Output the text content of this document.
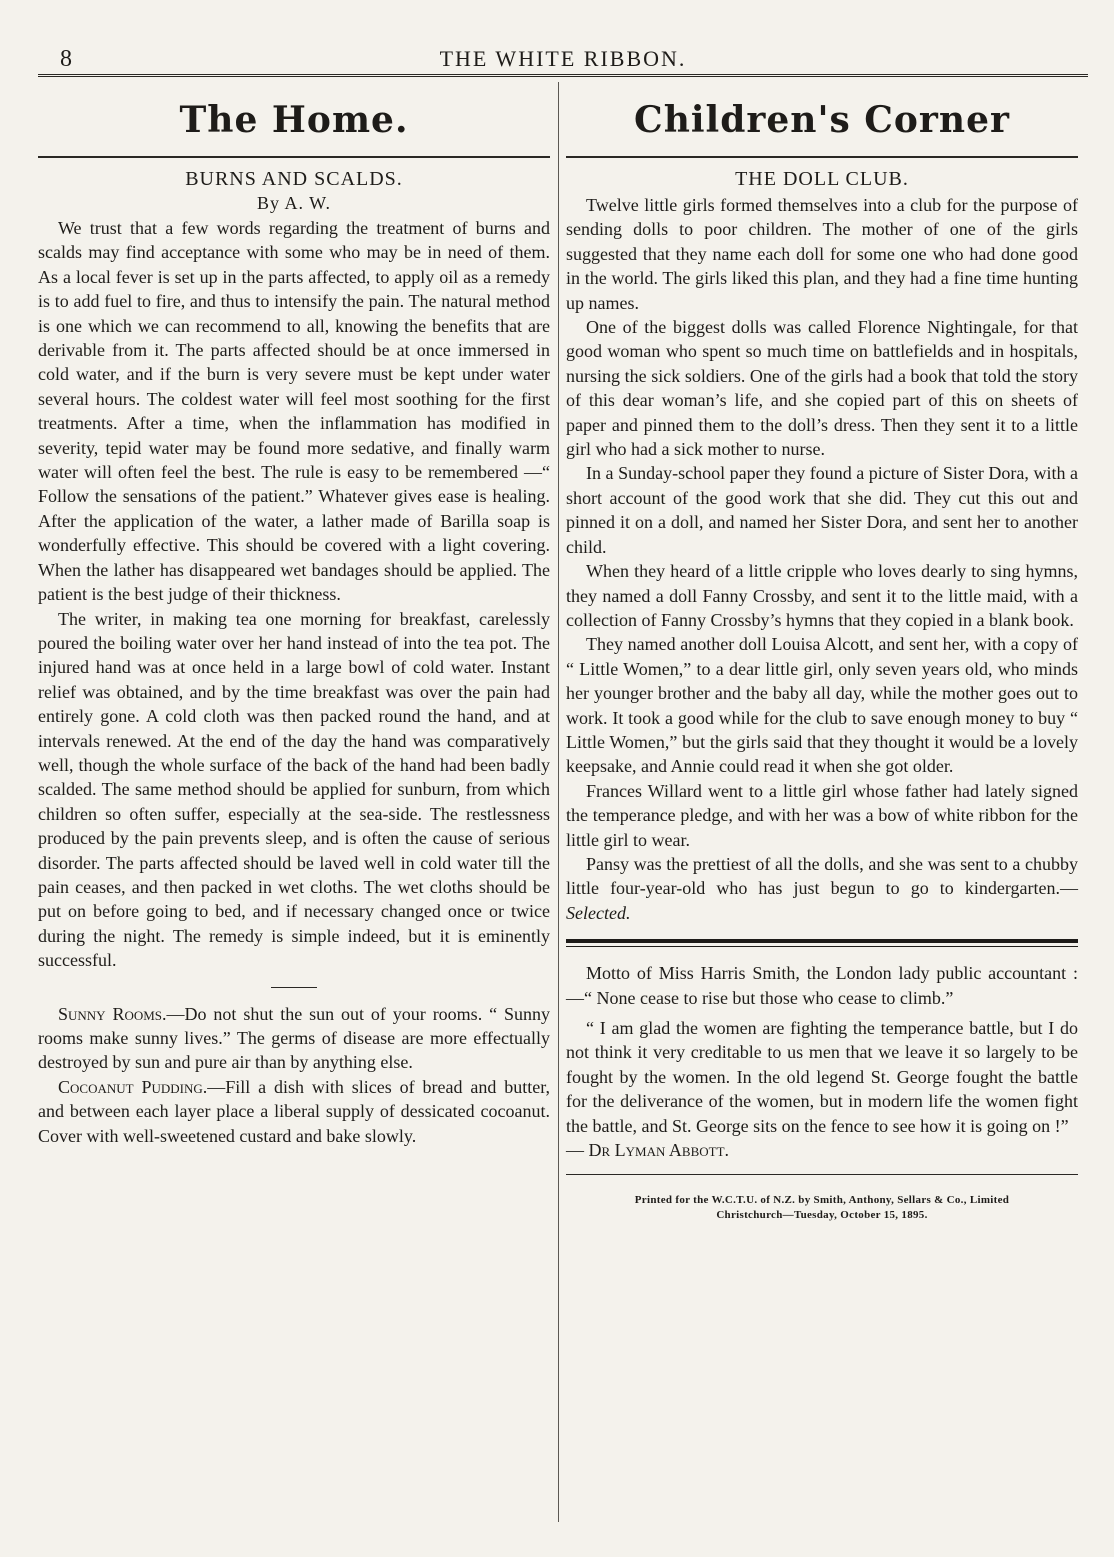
8	THE WHITE RIBBON.
The Home.
BURNS AND SCALDS.
By A. W.

We trust that a few words regarding the treatment of burns and scalds may find acceptance with some who may be in need of them. As a local fever is set up in the parts affected, to apply oil as a remedy is to add fuel to fire, and thus to intensify the pain. The natural method is one which we can recommend to all, knowing the benefits that are derivable from it. The parts affected should be at once immersed in cold water, and if the burn is very severe must be kept under water several hours. The coldest water will feel most soothing for the first treatments. After a time, when the inflammation has modified in severity, tepid water may be found more sedative, and finally warm water will often feel the best. The rule is easy to be remembered —“ Follow the sensations of the patient.” Whatever gives ease is healing. After the application of the water, a lather made of Barilla soap is wonderfully effective. This should be covered with a light covering. When the lather has disappeared wet bandages should be applied. The patient is the best judge of their thickness.

The writer, in making tea one morning for breakfast, carelessly poured the boiling water over her hand instead of into the tea pot. The injured hand was at once held in a large bowl of cold water. Instant relief was obtained, and by the time breakfast was over the pain had entirely gone. A cold cloth was then packed round the hand, and at intervals renewed. At the end of the day the hand was comparatively well, though the whole surface of the back of the hand had been badly scalded. The same method should be applied for sunburn, from which children so often suffer, especially at the sea-side. The restlessness produced by the pain prevents sleep, and is often the cause of serious disorder. The parts affected should be laved well in cold water till the pain ceases, and then packed in wet cloths. The wet cloths should be put on before going to bed, and if necessary changed once or twice during the night. The remedy is simple indeed, but it is eminently successful.

Sunny Rooms.—Do not shut the sun out of your rooms. “ Sunny rooms make sunny lives.” The germs of disease are more effectually destroyed by sun and pure air than by anything else.

Cocoanut Pudding.—Fill a dish with slices of bread and butter, and between each layer place a liberal supply of dessicated cocoanut. Cover with well-sweetened custard and bake slowly.

Children's Corner
THE DOLL CLUB.

Twelve little girls formed themselves into a club for the purpose of sending dolls to poor children. The mother of one of the girls suggested that they name each doll for some one who had done good in the world. The girls liked this plan, and they had a fine time hunting up names.

One of the biggest dolls was called Florence Nightingale, for that good woman who spent so much time on battlefields and in hospitals, nursing the sick soldiers. One of the girls had a book that told the story of this dear woman’s life, and she copied part of this on sheets of paper and pinned them to the doll’s dress. Then they sent it to a little girl who had a sick mother to nurse.

In a Sunday-school paper they found a picture of Sister Dora, with a short account of the good work that she did. They cut this out and pinned it on a doll, and named her Sister Dora, and sent her to another child.

When they heard of a little cripple who loves dearly to sing hymns, they named a doll Fanny Crossby, and sent it to the little maid, with a collection of Fanny Crossby’s hymns that they copied in a blank book.

They named another doll Louisa Alcott, and sent her, with a copy of “ Little Women,” to a dear little girl, only seven years old, who minds her younger brother and the baby all day, while the mother goes out to work. It took a good while for the club to save enough money to buy “ Little Women,” but the girls said that they thought it would be a lovely keepsake, and Annie could read it when she got older.

Frances Willard went to a little girl whose father had lately signed the temperance pledge, and with her was a bow of white ribbon for the little girl to wear.

Pansy was the prettiest of all the dolls, and she was sent to a chubby little four-year-old who has just begun to go to kindergarten.—Selected.

Motto of Miss Harris Smith, the London lady public accountant :—“ None cease to rise but those who cease to climb.”

“ I am glad the women are fighting the temperance battle, but I do not think it very creditable to us men that we leave it so largely to be fought by the women. In the old legend St. George fought the battle for the deliverance of the women, but in modern life the women fight the battle, and St. George sits on the fence to see how it is going on !”
— Dr Lyman Abbott.

Printed for the W.C.T.U. of N.Z. by Smith, Anthony, Sellars & Co., Limited
Christchurch—Tuesday, October 15, 1895.
